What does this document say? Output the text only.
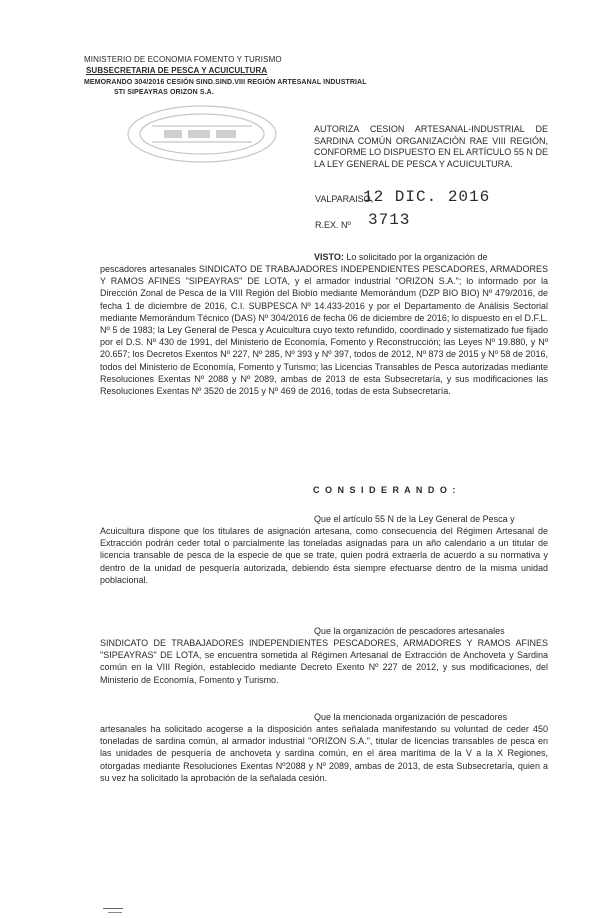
MINISTERIO DE ECONOMIA FOMENTO Y TURISMO
SUBSECRETARIA DE PESCA Y ACUICULTURA
MEMORANDO 304/2016 CESIÓN SIND.SIND.VIII REGIÓN ARTESANAL INDUSTRIAL
STI SIPEAYRAS ORIZON S.A.
AUTORIZA CESION ARTESANAL-INDUSTRIAL DE SARDINA COMÚN ORGANIZACIÓN RAE VIII REGIÓN, CONFORME LO DISPUESTO EN EL ARTÍCULO 55 N DE LA LEY GENERAL DE PESCA Y ACUICULTURA.
VALPARAISO,
12 DIC. 2016
R.EX. Nº 3713
VISTO: Lo solicitado por la organización de
pescadores artesanales SINDICATO DE TRABAJADORES INDEPENDIENTES PESCADORES, ARMADORES Y RAMOS AFINES "SIPEAYRAS" DE LOTA, y el armador industrial "ORIZON S.A."; lo informado por la Dirección Zonal de Pesca de la VIII Región del Biobío mediante Memorándum (DZP BIO BIO) Nº 479/2016, de fecha 1 de diciembre de 2016, C.I. SUBPESCA Nº 14.433-2016 y por el Departamento de Análisis Sectorial mediante Memorándum Técnico (DAS) Nº 304/2016 de fecha 06 de diciembre de 2016; lo dispuesto en el D.F.L. Nº 5 de 1983; la Ley General de Pesca y Acuicultura cuyo texto refundido, coordinado y sistematizado fue fijado por el D.S. Nº 430 de 1991, del Ministerio de Economía, Fomento y Reconstrucción; las Leyes Nº 19.880, y Nº 20.657; los Decretos Exentos Nº 227, Nº 285, Nº 393 y Nº 397, todos de 2012, Nº 873 de 2015 y Nº 58 de 2016, todos del Ministerio de Economía, Fomento y Turismo; las Licencias Transables de Pesca autorizadas mediante Resoluciones Exentas Nº 2088 y Nº 2089, ambas de 2013 de esta Subsecretaría, y sus modificaciones las Resoluciones Exentas Nº 3520 de 2015 y Nº 469 de 2016, todas de esta Subsecretaría.
C O N S I D E R A N D O :
Que el artículo 55 N de la Ley General de Pesca y
Acuicultura dispone que los titulares de asignación artesana, como consecuencia del Régimen Artesanal de Extracción podrán ceder total o parcialmente las toneladas asignadas para un año calendario a un titular de licencia transable de pesca de la especie de que se trate, quien podrá extraerla de acuerdo a su normativa y dentro de la unidad de pesquería autorizada, debiendo ésta siempre efectuarse dentro de la misma unidad poblacional.
Que la organización de pescadores artesanales
SINDICATO DE TRABAJADORES INDEPENDIENTES PESCADORES, ARMADORES Y RAMOS AFINES "SIPEAYRAS" DE LOTA, se encuentra sometida al Régimen Artesanal de Extracción de Anchoveta y Sardina común en la VIII Región, establecido mediante Decreto Exento Nº 227 de 2012, y sus modificaciones, del Ministerio de Economía, Fomento y Turismo.
Que la mencionada organización de pescadores
artesanales ha solicitado acogerse a la disposición antes señalada manifestando su voluntad de ceder 450 toneladas de sardina común, al armador industrial "ORIZON S.A.", titular de licencias transables de pesca en las unidades de pesquería de anchoveta y sardina común, en el área marítima de la V a la X Regiones, otorgadas mediante Resoluciones Exentas Nº2088 y Nº 2089, ambas de 2013, de esta Subsecretaría, quien a su vez ha solicitado la aprobación de la señalada cesión.
